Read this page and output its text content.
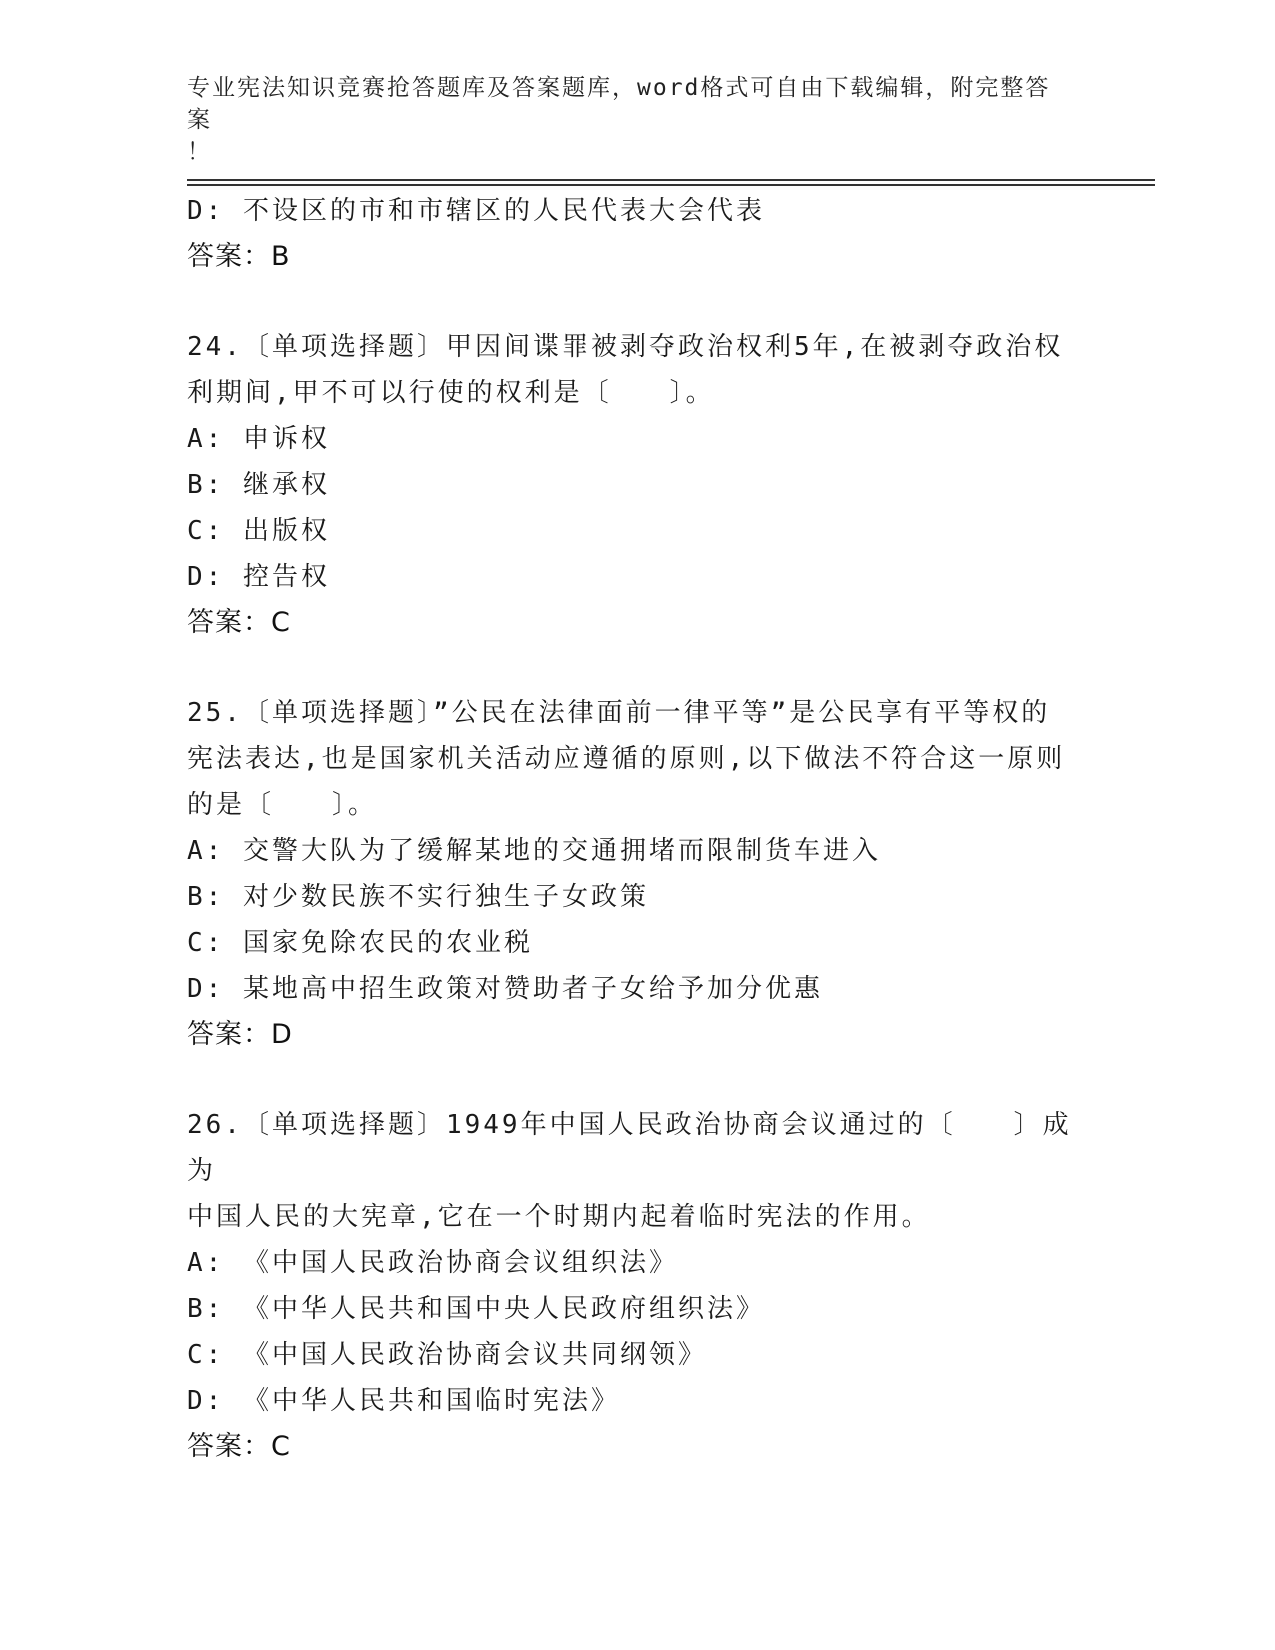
专业宪法知识竞赛抢答题库及答案题库，word格式可自由下载编辑，附完整答案
！
D: 不设区的市和市辖区的人民代表大会代表
答案：B
24.〔单项选择题〕甲因间谍罪被剥夺政治权利5年,在被剥夺政治权
利期间,甲不可以行使的权利是〔　　〕。
A: 申诉权
B: 继承权
C: 出版权
D: 控告权
答案：C
25.〔单项选择题〕”公民在法律面前一律平等”是公民享有平等权的
宪法表达,也是国家机关活动应遵循的原则,以下做法不符合这一原则
的是〔　　〕。
A: 交警大队为了缓解某地的交通拥堵而限制货车进入
B: 对少数民族不实行独生子女政策
C: 国家免除农民的农业税
D: 某地高中招生政策对赞助者子女给予加分优惠
答案：D
26.〔单项选择题〕1949年中国人民政治协商会议通过的〔　　〕成为
中国人民的大宪章,它在一个时期内起着临时宪法的作用。
A: 《中国人民政治协商会议组织法》
B: 《中华人民共和国中央人民政府组织法》
C: 《中国人民政治协商会议共同纲领》
D: 《中华人民共和国临时宪法》
答案：C
